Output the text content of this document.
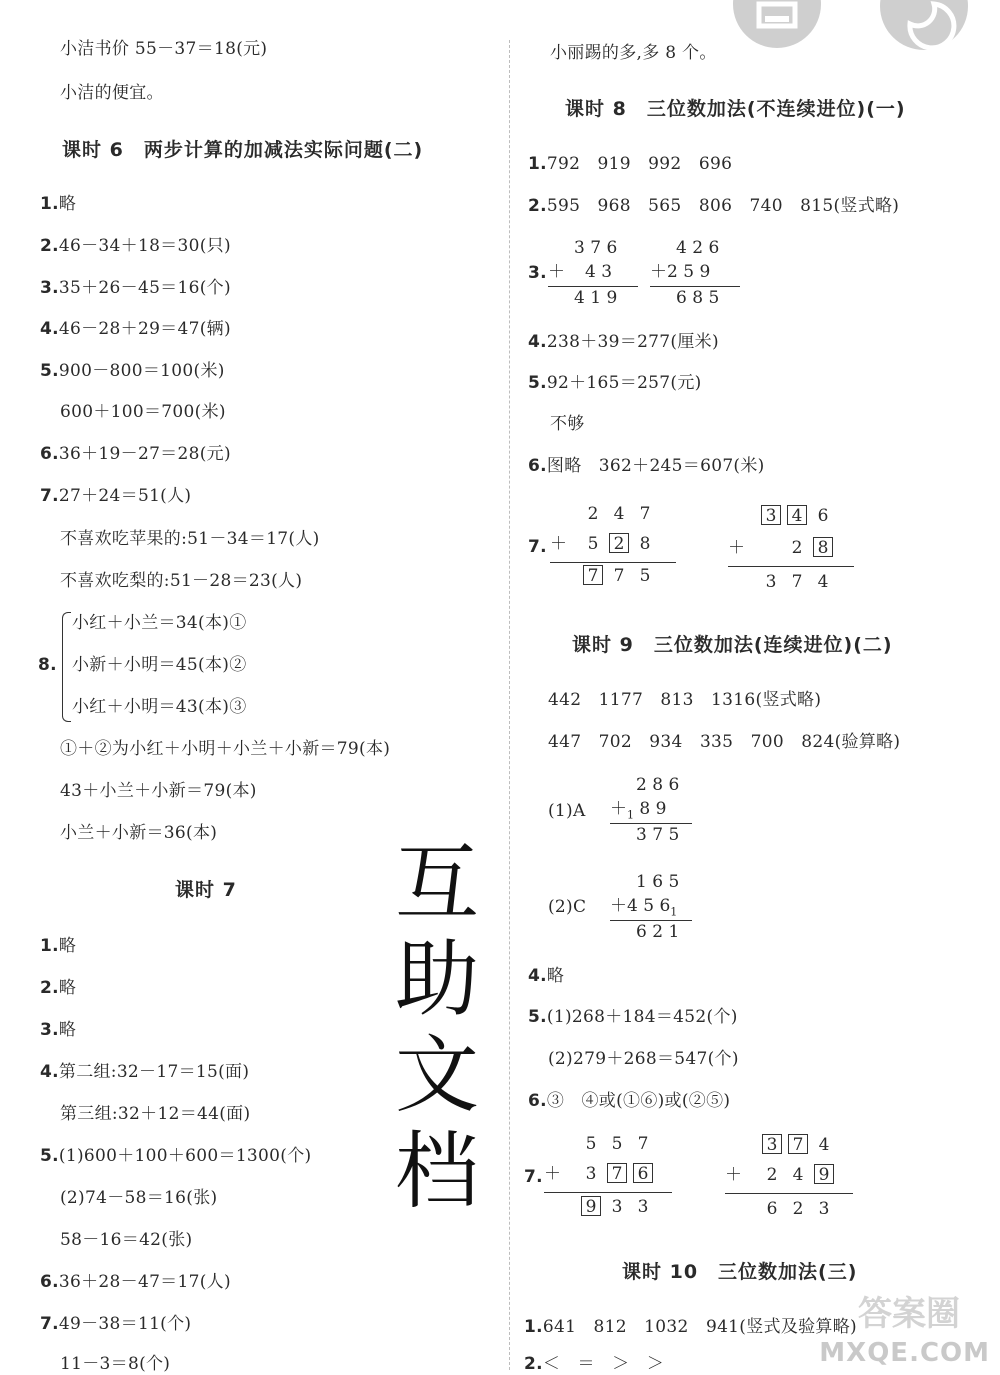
小洁书价 55－37＝18(元)
小洁的便宜。
课时 6　两步计算的加减法实际问题(二)
1.略
2.46－34＋18＝30(只)
3.35＋26－45＝16(个)
4.46－28＋29＝47(辆)
5.900－800＝100(米)
600＋100＝700(米)
6.36＋19－27＝28(元)
7.27＋24＝51(人)
不喜欢吃苹果的:51－34＝17(人)
不喜欢吃梨的:51－28＝23(人)
8.
小红＋小兰＝34(本)①
小新＋小明＝45(本)②
小红＋小明＝43(本)③
①＋②为小红＋小明＋小兰＋小新＝79(本)
43＋小兰＋小新＝79(本)
小兰＋小新＝36(本)
课时 7
1.略
2.略
3.略
4.第二组:32－17＝15(面)
第三组:32＋12＝44(面)
5.(1)600＋100＋600＝1300(个)
(2)74－58＝16(张)
58－16＝42(张)
6.36＋28－47＝17(人)
7.49－38＝11(个)
11－3＝8(个)
互
助
文
档
小丽踢的多,多 8 个。
课时 8　三位数加法(不连续进位)(一)
1.792　919　992　696
2.595　968　565　806　740　815(竖式略)
3.
3 7 6
＋ 4 3
4 1 9
4 2 6
＋2 5 9
6 8 5
4.238＋39＝277(厘米)
5.92＋165＝257(元)
不够
6.图略　362＋245＝607(米)
7.
2 4 7
＋ 5 2 8
7 7 5
3 4 6
＋	2 8
3 7 4
课时 9　三位数加法(连续进位)(二)
442　1177　813　1316(竖式略)
447　702　934　335　700　824(验算略)
(1)A
2 8 6
$+_1$ 8 9
3 7 5
(2)C
1 6 5
＋4 5 $6_1$
6 2 1
4.略
5.(1)268＋184＝452(个)
(2)279＋268＝547(个)
6.③　④或(①⑥)或(②⑤)
7.
5 5 7
＋ 3 7 6
9 3 3
3 7 4
＋ 2 4 9
6 2 3
课时 10　三位数加法(三)
1.641　812　1032　941(竖式及验算略)
2.＜　＝　＞　＞
答案圈
MXQE.COM
